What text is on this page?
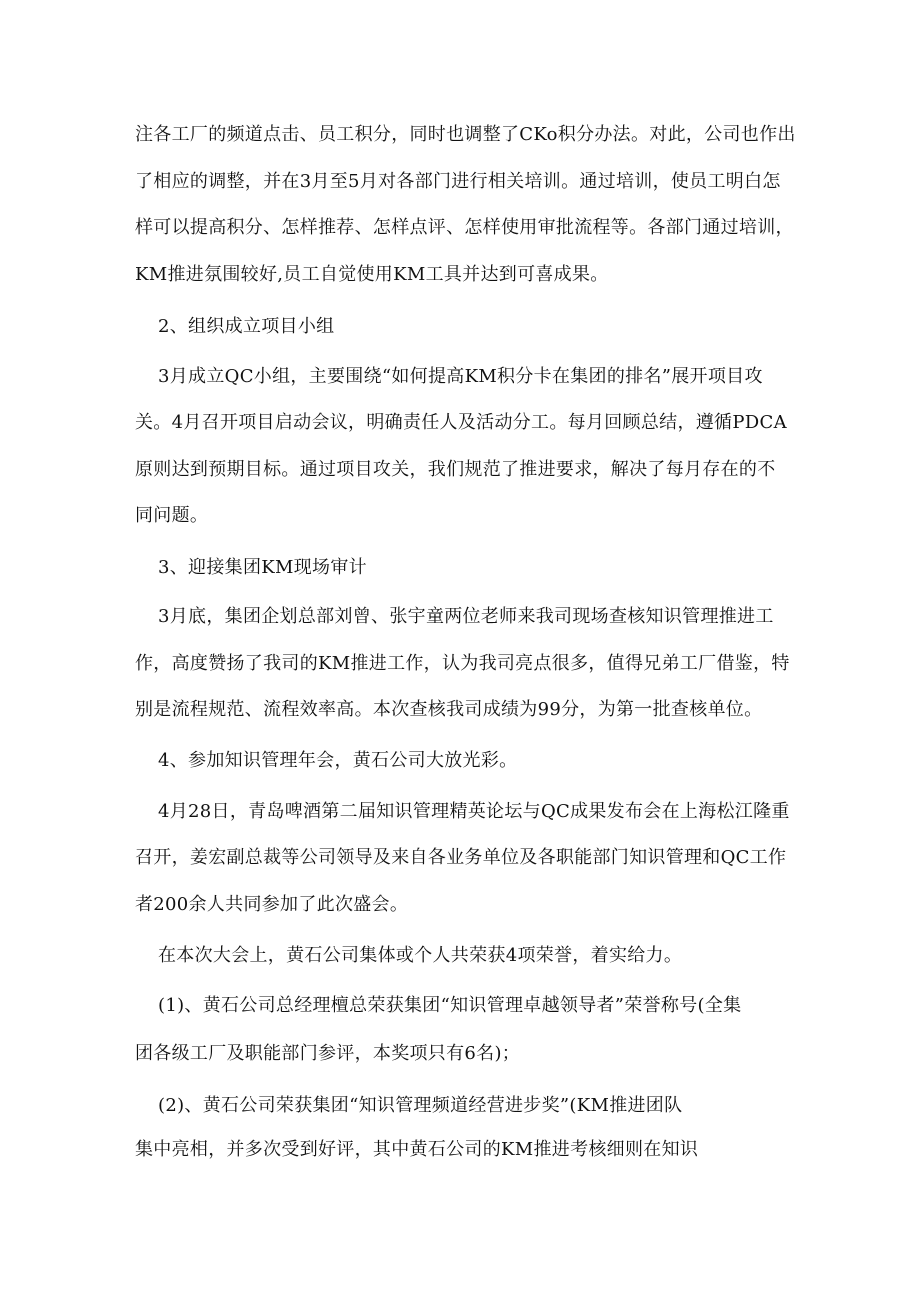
注各工厂的频道点击、员工积分，同时也调整了CKo积分办法。对此，公司也作出
了相应的调整，并在3月至5月对各部门进行相关培训。通过培训，使员工明白怎
样可以提高积分、怎样推荐、怎样点评、怎样使用审批流程等。各部门通过培训，
KM推进氛围较好,员工自觉使用KM工具并达到可喜成果。
2、组织成立项目小组
3月成立QC小组，主要围绕“如何提高KM积分卡在集团的排名”展开项目攻
关。4月召开项目启动会议，明确责任人及活动分工。每月回顾总结，遵循PDCA
原则达到预期目标。通过项目攻关，我们规范了推进要求，解决了每月存在的不
同问题。
3、迎接集团KM现场审计
3月底，集团企划总部刘曾、张宇童两位老师来我司现场查核知识管理推进工
作，高度赞扬了我司的KM推进工作，认为我司亮点很多，值得兄弟工厂借鉴，特
别是流程规范、流程效率高。本次查核我司成绩为99分，为第一批查核单位。
4、参加知识管理年会，黄石公司大放光彩。
4月28日，青岛啤酒第二届知识管理精英论坛与QC成果发布会在上海松江隆重
召开，姜宏副总裁等公司领导及来自各业务单位及各职能部门知识管理和QC工作
者200余人共同参加了此次盛会。
在本次大会上，黄石公司集体或个人共荣获4项荣誉，着实给力。
(1)、黄石公司总经理檀总荣获集团“知识管理卓越领导者”荣誉称号(全集
团各级工厂及职能部门参评，本奖项只有6名)；
(2)、黄石公司荣获集团“知识管理频道经营进步奖”(KM推进团队
集中亮相，并多次受到好评，其中黄石公司的KM推进考核细则在知识
